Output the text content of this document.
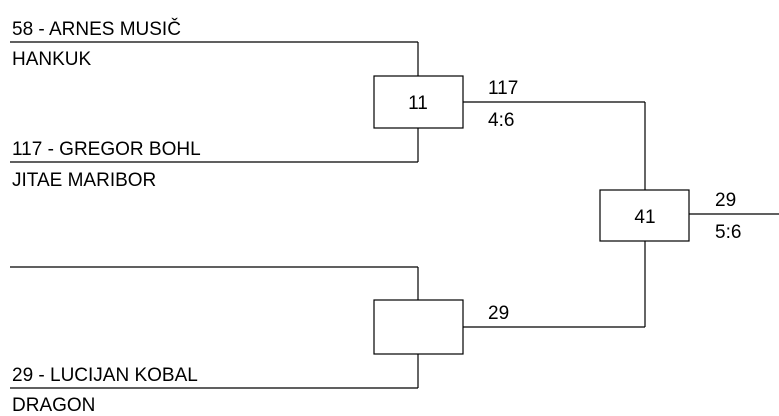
11
58 - ARNES MUSIČ
HANKUK
117 - GREGOR BOHL
JITAE MARIBOR
117
4:6
29 - LUCIJAN KOBAL
DRAGON
29
41
29
5:6
